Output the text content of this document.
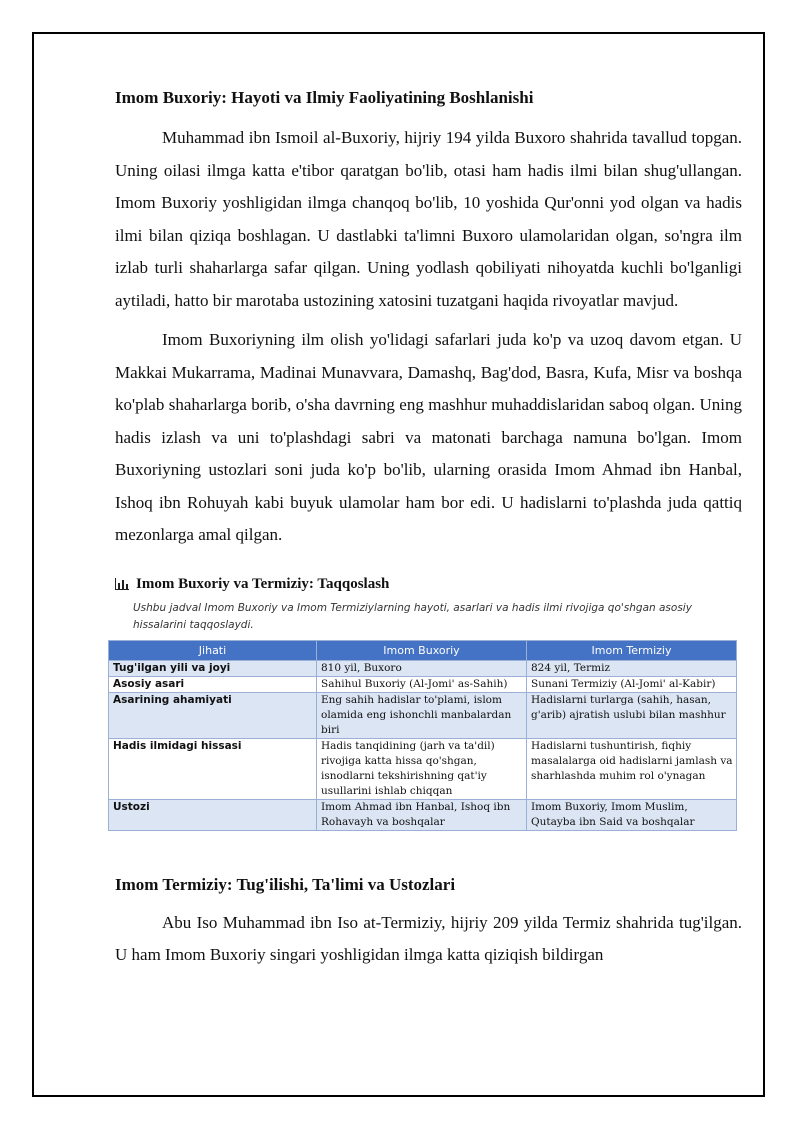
Imom Buxoriy: Hayoti va Ilmiy Faoliyatining Boshlanishi

Muhammad ibn Ismoil al-Buxoriy, hijriy 194 yilda Buxoro shahrida tavallud topgan. Uning oilasi ilmga katta e'tibor qaratgan bo'lib, otasi ham hadis ilmi bilan shug'ullangan. Imom Buxoriy yoshligidan ilmga chanqoq bo'lib, 10 yoshida Qur'onni yod olgan va hadis ilmi bilan qiziqa boshlagan. U dastlabki ta'limni Buxoro ulamolaridan olgan, so'ngra ilm izlab turli shaharlarga safar qilgan. Uning yodlash qobiliyati nihoyatda kuchli bo'lganligi aytiladi, hatto bir marotaba ustozining xatosini tuzatgani haqida rivoyatlar mavjud.

Imom Buxoriyning ilm olish yo'lidagi safarlari juda ko'p va uzoq davom etgan. U Makkai Mukarrama, Madinai Munavvara, Damashq, Bag'dod, Basra, Kufa, Misr va boshqa ko'plab shaharlarga borib, o'sha davrning eng mashhur muhaddislaridan saboq olgan. Uning hadis izlash va uni to'plashdagi sabri va matonati barchaga namuna bo'lgan. Imom Buxoriyning ustozlari soni juda ko'p bo'lib, ularning orasida Imom Ahmad ibn Hanbal, Ishoq ibn Rohuyah kabi buyuk ulamolar ham bor edi. U hadislarni to'plashda juda qattiq mezonlarga amal qilgan.

Imom Buxoriy va Termiziy: Taqqoslash
Ushbu jadval Imom Buxoriy va Imom Termiziylarning hayoti, asarlari va hadis ilmi rivojiga qo'shgan asosiy hissalarini taqqoslaydi.
Jihati	Imom Buxoriy	Imom Termiziy
Tug'ilgan yili va joyi	810 yil, Buxoro	824 yil, Termiz
Asosiy asari	Sahihul Buxoriy (Al-Jomi' as-Sahih)	Sunani Termiziy (Al-Jomi' al-Kabir)
Asarining ahamiyati	Eng sahih hadislar to'plami, islom olamida eng ishonchli manbalardan biri	Hadislarni turlarga (sahih, hasan, g'arib) ajratish uslubi bilan mashhur
Hadis ilmidagi hissasi	Hadis tanqidining (jarh va ta'dil) rivojiga katta hissa qo'shgan, isnodlarni tekshirishning qat'iy usullarini ishlab chiqqan	Hadislarni tushuntirish, fiqhiy masalalarga oid hadislarni jamlash va sharhlashda muhim rol o'ynagan
Ustozi	Imom Ahmad ibn Hanbal, Ishoq ibn Rohavayh va boshqalar	Imom Buxoriy, Imom Muslim, Qutayba ibn Said va boshqalar
Imom Termiziy: Tug'ilishi, Ta'limi va Ustozlari

Abu Iso Muhammad ibn Iso at-Termiziy, hijriy 209 yilda Termiz shahrida tug'ilgan. U ham Imom Buxoriy singari yoshligidan ilmga katta qiziqish bildirgan
